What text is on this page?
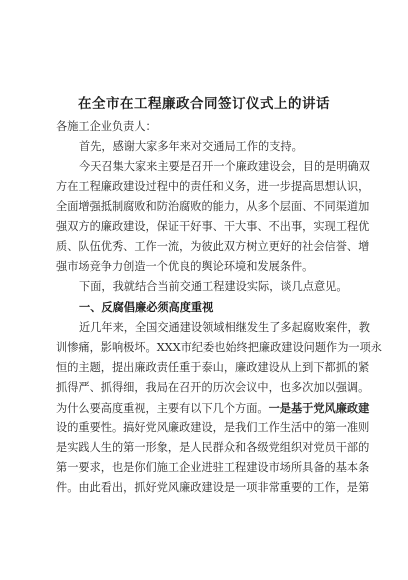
在全市在工程廉政合同签订仪式上的讲话
各施工企业负责人：
首先，感谢大家多年来对交通局工作的支持。
今天召集大家来主要是召开一个廉政建设会，目的是明确双
方在工程廉政建设过程中的责任和义务，进一步提高思想认识，
全面增强抵制腐败和防治腐败的能力，从多个层面、不同渠道加
强双方的廉政建设，保证干好事、干大事、不出事，实现工程优
质、队伍优秀、工作一流，为彼此双方树立更好的社会信誉、增
强市场竞争力创造一个优良的舆论环境和发展条件。
下面，我就结合当前交通工程建设实际，谈几点意见。
一、反腐倡廉必须高度重视
近几年来，全国交通建设领域相继发生了多起腐败案件，教
训惨痛，影响极坏。XXX市纪委也始终把廉政建设问题作为一项永
恒的主题，提出廉政责任重于泰山，廉政建设从上到下都抓的紧
抓得严、抓得细，我局在召开的历次会议中，也多次加以强调。
为什么要高度重视，主要有以下几个方面。一是基于党风廉政建
设的重要性。搞好党风廉政建设，是我们工作生活中的第一准则
是实践人生的第一形象，是人民群众和各级党组织对党员干部的
第一要求，也是你们施工企业进驻工程建设市场所具备的基本条
件。由此看出，抓好党风廉政建设是一项非常重要的工作，是第
